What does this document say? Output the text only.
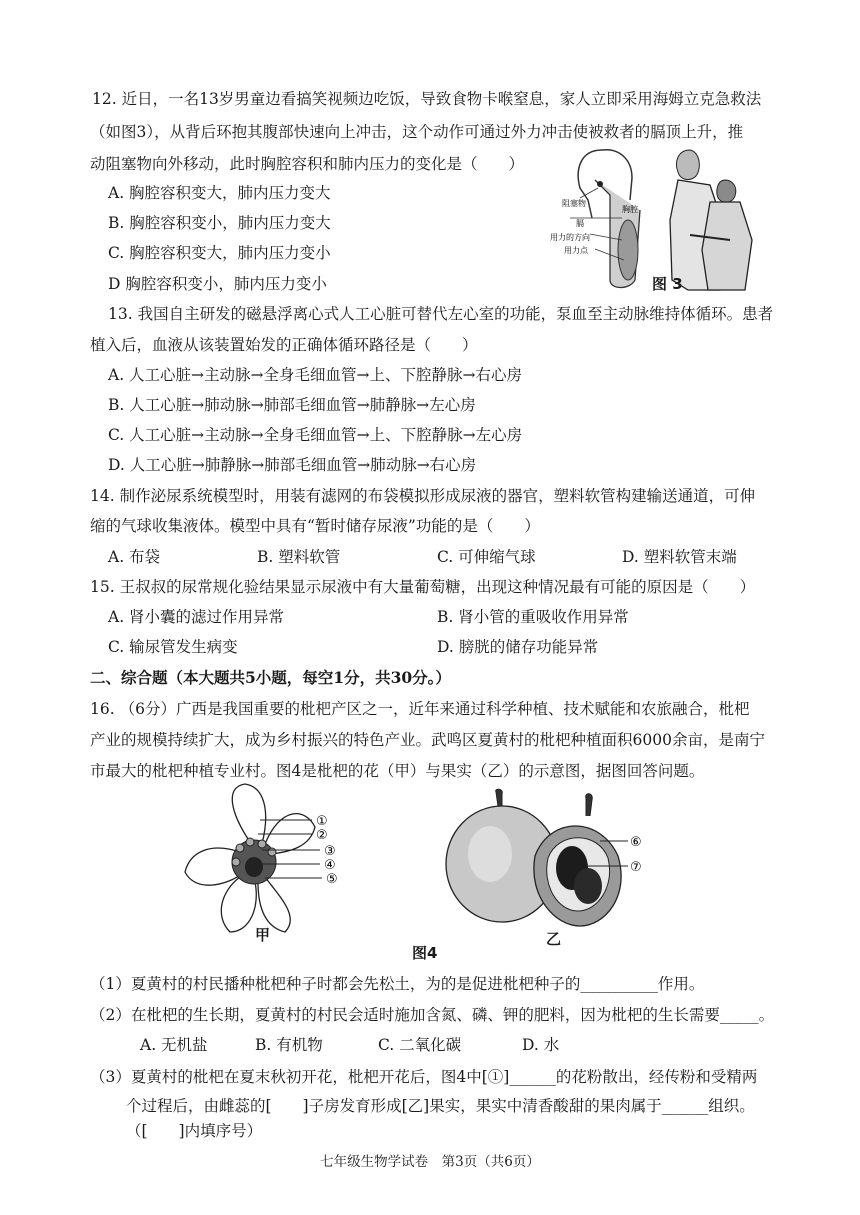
12. 近日，一名13岁男童边看搞笑视频边吃饭，导致食物卡喉窒息，家人立即采用海姆立克急救法
（如图3），从背后环抱其腹部快速向上冲击，这个动作可通过外力冲击使被救者的膈顶上升，推
动阻塞物向外移动，此时胸腔容积和肺内压力的变化是（　　）
A. 胸腔容积变大，肺内压力变大
B. 胸腔容积变小，肺内压力变大
C. 胸腔容积变大，肺内压力变小
D 胸腔容积变小，肺内压力变小
阻塞物
胸腔
膈
用力的方向
用力点
图 3
13. 我国自主研发的磁悬浮离心式人工心脏可替代左心室的功能，泵血至主动脉维持体循环。患者
植入后，血液从该装置始发的正确体循环路径是（　　）
A. 人工心脏→主动脉→全身毛细血管→上、下腔静脉→右心房
B. 人工心脏→肺动脉→肺部毛细血管→肺静脉→左心房
C. 人工心脏→主动脉→全身毛细血管→上、下腔静脉→左心房
D. 人工心脏→肺静脉→肺部毛细血管→肺动脉→右心房
14. 制作泌尿系统模型时，用装有滤网的布袋模拟形成尿液的器官，塑料软管构建输送通道，可伸
缩的气球收集液体。模型中具有“暂时储存尿液”功能的是（　　）
A. 布袋	B. 塑料软管	C. 可伸缩气球	D. 塑料软管末端
15. 王叔叔的尿常规化验结果显示尿液中有大量葡萄糖，出现这种情况最有可能的原因是（　　）
A. 肾小囊的滤过作用异常	B. 肾小管的重吸收作用异常
C. 输尿管发生病变	D. 膀胱的储存功能异常
二、综合题（本大题共5小题，每空1分，共30分。）
16. （6分）广西是我国重要的枇杷产区之一，近年来通过科学种植、技术赋能和农旅融合，枇杷
产业的规模持续扩大，成为乡村振兴的特色产业。武鸣区夏黄村的枇杷种植面积6000余亩，是南宁
市最大的枇杷种植专业村。图4是枇杷的花（甲）与果实（乙）的示意图，据图回答问题。
①
②
③
④
⑤
甲
⑥
⑦
乙
图4
（1）夏黄村的村民播种枇杷种子时都会先松土，为的是促进枇杷种子的__________作用。
（2）在枇杷的生长期，夏黄村的村民会适时施加含氮、磷、钾的肥料，因为枇杷的生长需要_____。
A. 无机盐	B. 有机物	C. 二氧化碳	D. 水
（3）夏黄村的枇杷在夏末秋初开花，枇杷开花后，图4中[①]______的花粉散出，经传粉和受精两
个过程后，由雌蕊的[　　]子房发育形成[乙]果实，果实中清香酸甜的果肉属于______组织。
（[　　]内填序号）
七年级生物学试卷　第3页（共6页）
